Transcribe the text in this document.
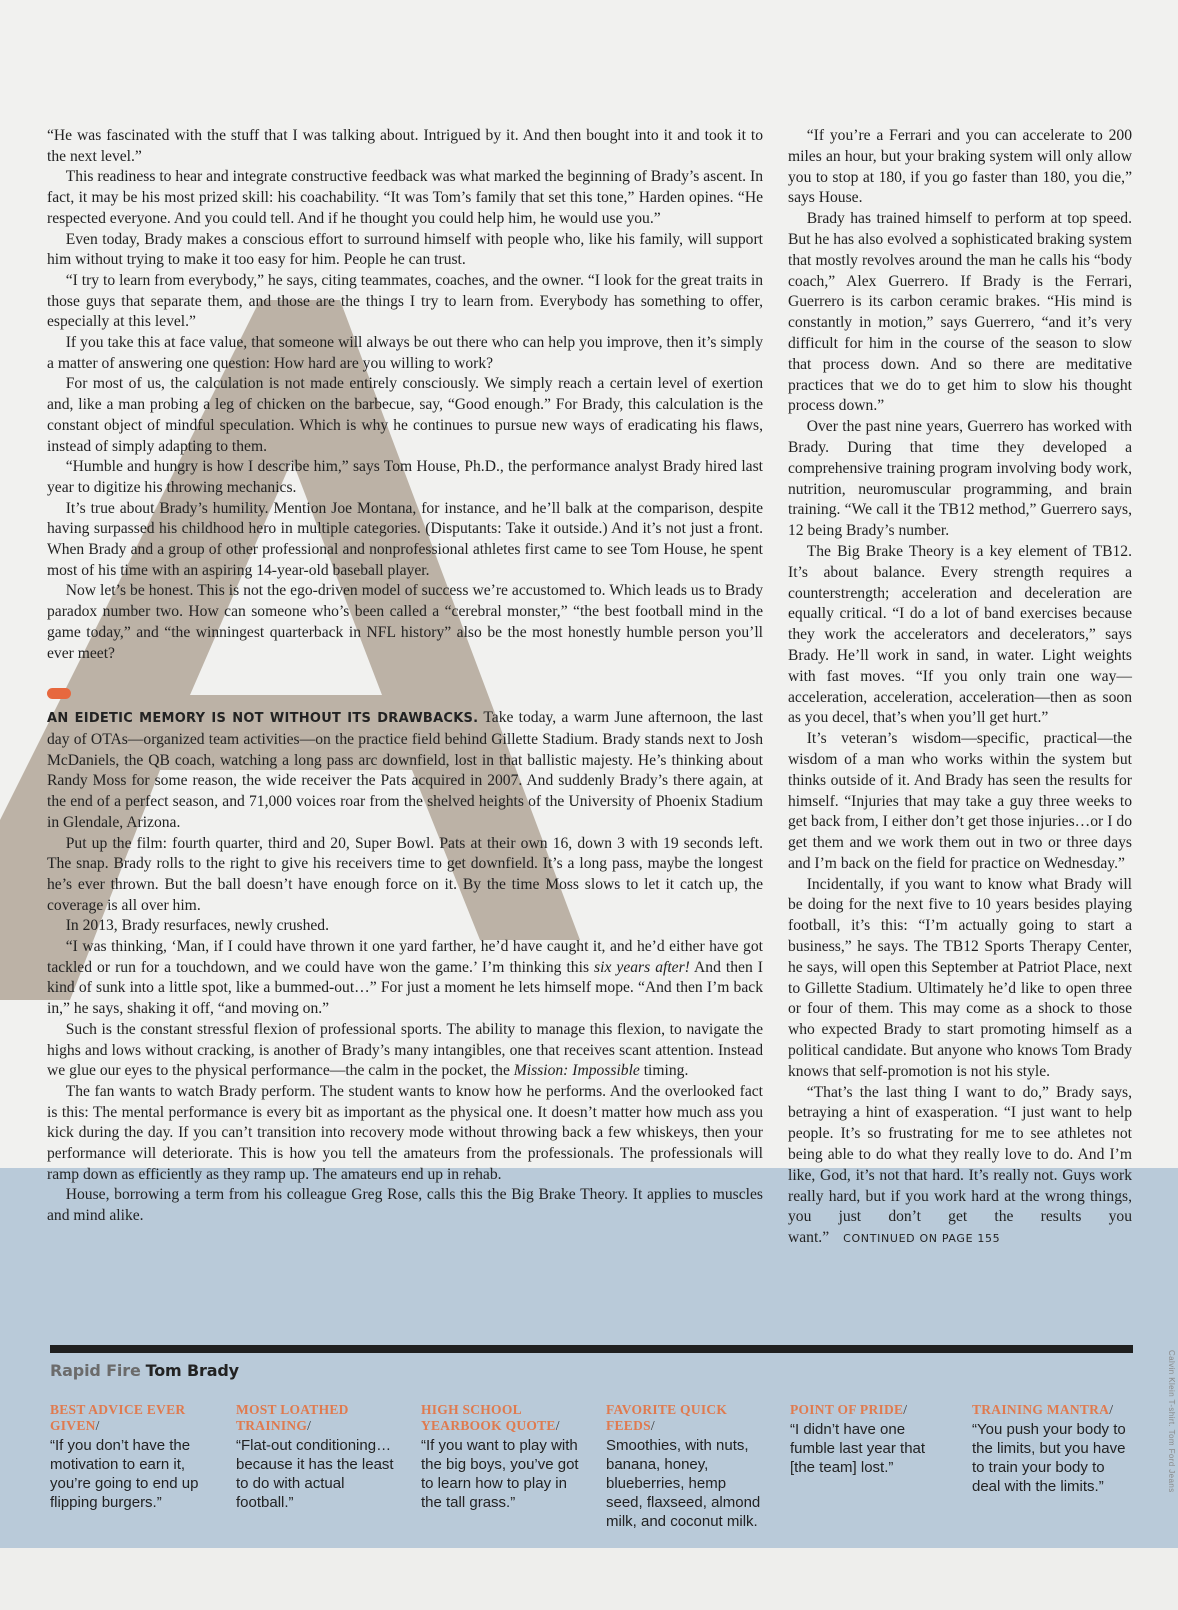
“He was fascinated with the stuff that I was talking about. Intrigued by it. And then bought into it and took it to the next level.”

This readiness to hear and integrate constructive feedback was what marked the beginning of Brady’s ascent. In fact, it may be his most prized skill: his coachability. “It was Tom’s family that set this tone,” Harden opines. “He respected everyone. And you could tell. And if he thought you could help him, he would use you.”

Even today, Brady makes a conscious effort to surround himself with people who, like his family, will support him without trying to make it too easy for him. People he can trust.

“I try to learn from everybody,” he says, citing teammates, coaches, and the owner. “I look for the great traits in those guys that separate them, and those are the things I try to learn from. Everybody has something to offer, especially at this level.”

If you take this at face value, that someone will always be out there who can help you improve, then it’s simply a matter of answering one question: How hard are you willing to work?

For most of us, the calculation is not made entirely consciously. We simply reach a certain level of exertion and, like a man probing a leg of chicken on the barbecue, say, “Good enough.” For Brady, this calculation is the constant object of mindful speculation. Which is why he continues to pursue new ways of eradicating his flaws, instead of simply adapting to them.

“Humble and hungry is how I describe him,” says Tom House, Ph.D., the performance analyst Brady hired last year to digitize his throwing mechanics.

It’s true about Brady’s humility. Mention Joe Montana, for instance, and he’ll balk at the comparison, despite having surpassed his childhood hero in multiple categories. (Disputants: Take it outside.) And it’s not just a front. When Brady and a group of other professional and nonprofessional athletes first came to see Tom House, he spent most of his time with an aspiring 14-year-old baseball player.

Now let’s be honest. This is not the ego-driven model of success we’re accustomed to. Which leads us to Brady paradox number two. How can someone who’s been called a “cerebral monster,” “the best football mind in the game today,” and “the winningest quarterback in NFL history” also be the most honestly humble person you’ll ever meet?

AN EIDETIC MEMORY IS NOT WITHOUT ITS DRAWBACKS. Take today, a warm June afternoon, the last day of OTAs—organized team activities—on the practice field behind Gillette Stadium. Brady stands next to Josh McDaniels, the QB coach, watching a long pass arc downfield, lost in that ballistic majesty. He’s thinking about Randy Moss for some reason, the wide receiver the Pats acquired in 2007. And suddenly Brady’s there again, at the end of a perfect season, and 71,000 voices roar from the shelved heights of the University of Phoenix Stadium in Glendale, Arizona.

Put up the film: fourth quarter, third and 20, Super Bowl. Pats at their own 16, down 3 with 19 seconds left. The snap. Brady rolls to the right to give his receivers time to get downfield. It’s a long pass, maybe the longest he’s ever thrown. But the ball doesn’t have enough force on it. By the time Moss slows to let it catch up, the coverage is all over him.

In 2013, Brady resurfaces, newly crushed.

“I was thinking, ‘Man, if I could have thrown it one yard farther, he’d have caught it, and he’d either have got tackled or run for a touchdown, and we could have won the game.’ I’m thinking this six years after! And then I kind of sunk into a little spot, like a bummed-out…” For just a moment he lets himself mope. “And then I’m back in,” he says, shaking it off, “and moving on.”

Such is the constant stressful flexion of professional sports. The ability to manage this flexion, to navigate the highs and lows without cracking, is another of Brady’s many intangibles, one that receives scant attention. Instead we glue our eyes to the physical performance—the calm in the pocket, the Mission: Impossible timing.

The fan wants to watch Brady perform. The student wants to know how he performs. And the overlooked fact is this: The mental performance is every bit as important as the physical one. It doesn’t matter how much ass you kick during the day. If you can’t transition into recovery mode without throwing back a few whiskeys, then your performance will deteriorate. This is how you tell the amateurs from the professionals. The professionals will ramp down as efficiently as they ramp up. The amateurs end up in rehab.

House, borrowing a term from his colleague Greg Rose, calls this the Big Brake Theory. It applies to muscles and mind alike.

“If you’re a Ferrari and you can accelerate to 200 miles an hour, but your braking system will only allow you to stop at 180, if you go faster than 180, you die,” says House.

Brady has trained himself to perform at top speed. But he has also evolved a sophisticated braking system that mostly revolves around the man he calls his “body coach,” Alex Guerrero. If Brady is the Ferrari, Guerrero is its carbon ceramic brakes. “His mind is constantly in motion,” says Guerrero, “and it’s very difficult for him in the course of the season to slow that process down. And so there are meditative practices that we do to get him to slow his thought process down.”

Over the past nine years, Guerrero has worked with Brady. During that time they developed a comprehensive training program involving body work, nutrition, neuromuscular programming, and brain training. “We call it the TB12 method,” Guerrero says, 12 being Brady’s number.

The Big Brake Theory is a key element of TB12. It’s about balance. Every strength requires a counterstrength; acceleration and deceleration are equally critical. “I do a lot of band exercises because they work the accelerators and decelerators,” says Brady. He’ll work in sand, in water. Light weights with fast moves. “If you only train one way—acceleration, acceleration, acceleration—then as soon as you decel, that’s when you’ll get hurt.”

It’s veteran’s wisdom—specific, practical—the wisdom of a man who works within the system but thinks outside of it. And Brady has seen the results for himself. “Injuries that may take a guy three weeks to get back from, I either don’t get those injuries…or I do get them and we work them out in two or three days and I’m back on the field for practice on Wednesday.”

Incidentally, if you want to know what Brady will be doing for the next five to 10 years besides playing football, it’s this: “I’m actually going to start a business,” he says. The TB12 Sports Therapy Center, he says, will open this September at Patriot Place, next to Gillette Stadium. Ultimately he’d like to open three or four of them. This may come as a shock to those who expected Brady to start promoting himself as a political candidate. But anyone who knows Tom Brady knows that self-promotion is not his style.

“That’s the last thing I want to do,” Brady says, betraying a hint of exasperation. “I just want to help people. It’s so frustrating for me to see athletes not being able to do what they really love to do. And I’m like, God, it’s not that hard. It’s really not. Guys work really hard, but if you work hard at the wrong things, you just don’t get the results you want.” CONTINUED ON PAGE 155

Rapid Fire Tom Brady
BEST ADVICE EVER GIVEN/
“If you don’t have the motivation to earn it, you’re going to end up flipping burgers.”
MOST LOATHED TRAINING/
“Flat-out conditioning…because it has the least to do with actual football.”
HIGH SCHOOL YEARBOOK QUOTE/
“If you want to play with the big boys, you’ve got to learn how to play in the tall grass.”
FAVORITE QUICK FEEDS/
Smoothies, with nuts, banana, honey, blueberries, hemp seed, flaxseed, almond milk, and coconut milk.
POINT OF PRIDE/
“I didn’t have one fumble last year that [the team] lost.”
TRAINING MANTRA/
“You push your body to the limits, but you have to train your body to deal with the limits.”	Calvin Klein T-shirt. Tom Ford Jeans
